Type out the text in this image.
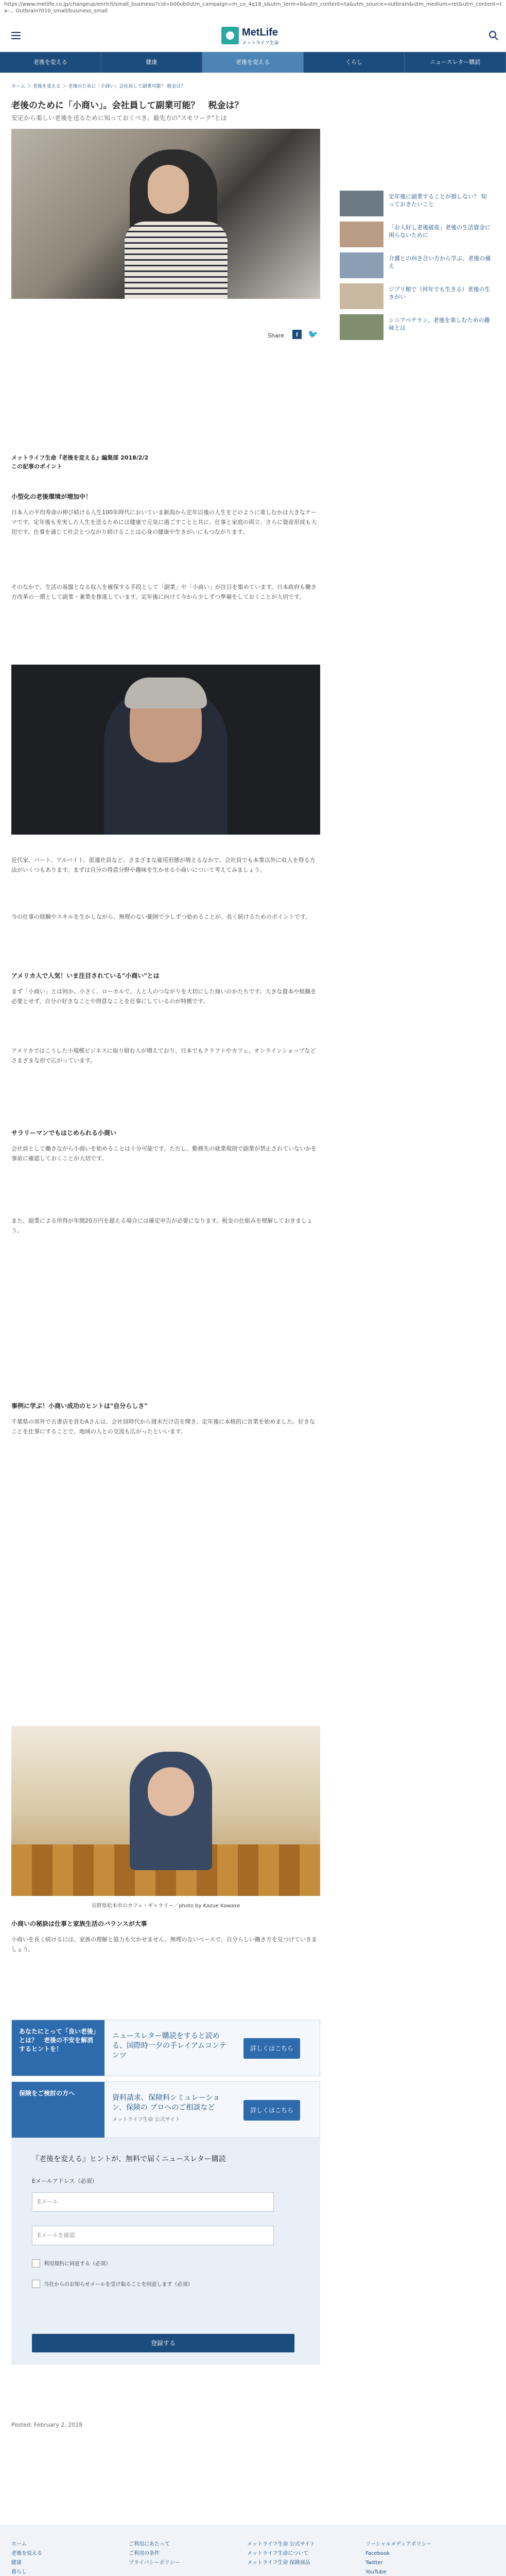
https://www.metlife.co.jp/changeup/enrich/small_business/?cid=b00ob0utm_campaign=m_co_4q18_s&utm_term=b&utm_content=ta&utm_source=outbrain&utm_medium=ret&utm_content=ta-... Outbrain?010_small/business_small
MetLife
メットライフ生命
老後を変える	健康	老後を変える	くらし	ニュースレター購読
ホーム ＞ 老後を変える ＞ 老後のために「小商い」会社員して副業可能？ 税金は？
老後のために「小商い」。会社員して副業可能？　税金は？
安定から楽しい老後を送るために知っておくべき、最先方の"スモワーク"とは
Share	f	🐦
定年後に副業することが損しない？ 知っておきたいこと
「お人好し老後破産」老後の生活資金に困らないために
介護との向き合い方から学ぶ、老後の備え
ジブリ館で（何年でも生きる）老後の生きがい
シニアベテラン。老後を楽しむための趣味とは
メットライフ生命『老後を変える』編集部 2018/2/2
この記事のポイント
小型化の老後環境が増加中！
日本人の平均寿命の伸び続ける人生100年時代においていま新潟から定年以後の人生をどのように楽しむかは大きなテーマです。定年後も充実した人生を送るためには健康で元気に過ごすことと共に、仕事と家庭の両立、さらに資産形成も大切です。仕事を通じて社会とつながり続けることは心身の健康や生きがいにもつながります。
そのなかで、生活の基盤となる収入を確保する手段として「副業」や「小商い」が注目を集めています。日本政府も働き方改革の一環として副業・兼業を推進しています。定年後に向けて今から少しずつ準備をしておくことが大切です。
近代家、パート、アルバイト、派遣社員など、さまざまな雇用形態が増えるなかで、会社員でも本業以外に収入を得る方法がいくつもあります。まずは自分の得意分野や趣味を生かせる小商いについて考えてみましょう。
今の仕事の経験やスキルを生かしながら、無理のない範囲で少しずつ始めることが、長く続けるためのポイントです。
アメリカ人で人気！いま注目されている"小商い"とは
まず「小商い」とは何か。小さく、ローカルで、人と人のつながりを大切にした商いのかたちです。大きな資本や組織を必要とせず、自分の好きなことや得意なことを仕事にしているのが特徴です。
アメリカではこうした小規模ビジネスに取り組む人が増えており、日本でもクラフトやカフェ、オンラインショップなどさまざまな形で広がっています。
サラリーマンでもはじめられる小商い
会社員として働きながら小商いを始めることは十分可能です。ただし、勤務先の就業規則で副業が禁止されていないかを事前に確認しておくことが大切です。
また、副業による所得が年間20万円を超える場合には確定申告が必要になります。税金の仕組みを理解しておきましょう。
事例に学ぶ！小商い成功のヒントは"自分らしさ"
千葉県の郊外で古書店を営むAさんは、会社員時代から週末だけ店を開き、定年後に本格的に営業を始めました。好きなことを仕事にすることで、地域の人との交流も広がったといいます。
長野県松本市のカフェ・ギャラリー／photo by Kazue Kawase
小商いの秘訣は仕事と家族生活のバランスが大事
小商いを長く続けるには、家族の理解と協力も欠かせません。無理のないペースで、自分らしい働き方を見つけていきましょう。
あなたにとって「良い老後」とは？　老後の不安を解消するヒントを！
ニュースレター購読をすると読める、国際時一夕の手レイアムコンテンツ
詳しくはこちら
保険をご検討の方へ
資料請求、保険料シミュレーション、保険の プロへのご相談など
メットライフ生命 公式サイト
詳しくはこちら
『老後を変える』ヒントが、無料で届くニュースレター購読
Eメールアドレス（必須）
Eメール
Eメールを確認
利用規約に同意する（必須）
当社からのお知らせメールを受け取ることを同意します（必須）
登録する
Posted: February 2, 2018
ホーム
老後を変える
健康
暮らし
ご利用にあたって
ご利用の条件
プライバシーポリシー
メットライフ生命 公式サイト
メットライフ生命について
メットライフ生命 保険商品
ソーシャルメディアポリシー
Facebook
Twitter
YouTube
